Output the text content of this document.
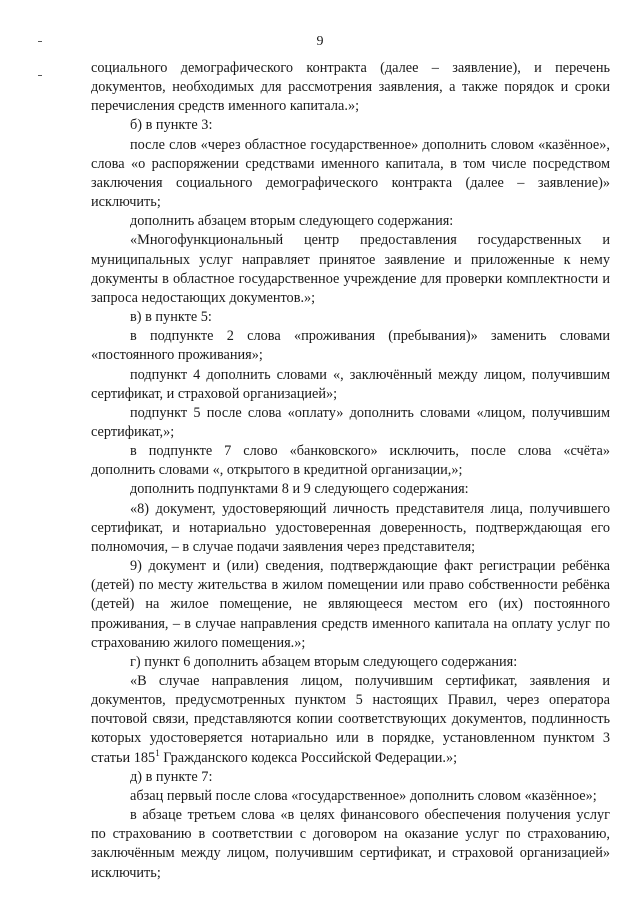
9

социального демографического контракта (далее – заявление), и перечень документов, необходимых для рассмотрения заявления, а также порядок и сроки перечисления средств именного капитала.»;

б) в пункте 3:

после слов «через областное государственное» дополнить словом «казённое», слова «о распоряжении средствами именного капитала, в том числе посредством заключения социального демографического контракта (далее – заявление)» исключить;

дополнить абзацем вторым следующего содержания:

«Многофункциональный центр предоставления государственных и муниципальных услуг направляет принятое заявление и приложенные к нему документы в областное государственное учреждение для проверки комплектности и запроса недостающих документов.»;

в) в пункте 5:

в подпункте 2 слова «проживания (пребывания)» заменить словами «постоянного проживания»;

подпункт 4 дополнить словами «, заключённый между лицом, получившим сертификат, и страховой организацией»;

подпункт 5 после слова «оплату» дополнить словами «лицом, получившим сертификат,»;

в подпункте 7 слово «банковского» исключить, после слова «счёта» дополнить словами «, открытого в кредитной организации,»;

дополнить подпунктами 8 и 9 следующего содержания:

«8) документ, удостоверяющий личность представителя лица, получившего сертификат, и нотариально удостоверенная доверенность, подтверждающая его полномочия, – в случае подачи заявления через представителя;

9) документ и (или) сведения, подтверждающие факт регистрации ребёнка (детей) по месту жительства в жилом помещении или право собственности ребёнка (детей) на жилое помещение, не являющееся местом его (их) постоянного проживания, – в случае направления средств именного капитала на оплату услуг по страхованию жилого помещения.»;

г) пункт 6 дополнить абзацем вторым следующего содержания:

«В случае направления лицом, получившим сертификат, заявления и документов, предусмотренных пунктом 5 настоящих Правил, через оператора почтовой связи, представляются копии соответствующих документов, подлинность которых удостоверяется нотариально или в порядке, установленном пунктом 3 статьи $185^1$ Гражданского кодекса Российской Федерации.»;

д) в пункте 7:

абзац первый после слова «государственное» дополнить словом «казённое»;

в абзаце третьем слова «в целях финансового обеспечения получения услуг по страхованию в соответствии с договором на оказание услуг по страхованию, заключённым между лицом, получившим сертификат, и страховой организацией» исключить;
